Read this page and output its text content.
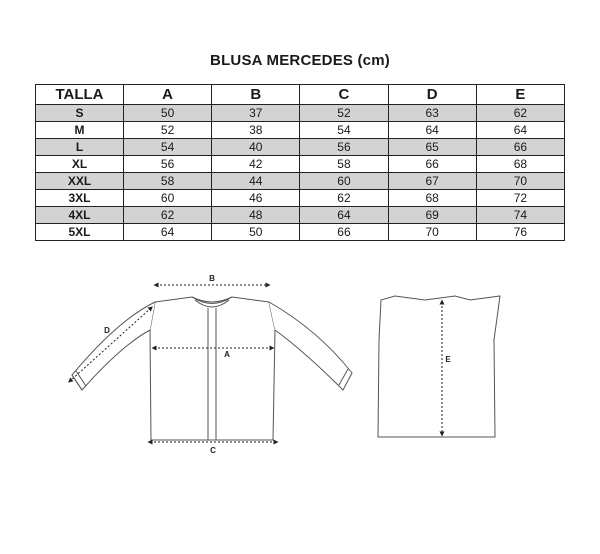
BLUSA MERCEDES (cm)
TALLA	A	B	C	D	E
S	50	37	52	63	62
M	52	38	54	64	64
L	54	40	56	65	66
XL	56	42	58	66	68
XXL	58	44	60	67	70
3XL	60	46	62	68	72
4XL	62	48	64	69	74
5XL	64	50	66	70	76
B
A
C
D
E
